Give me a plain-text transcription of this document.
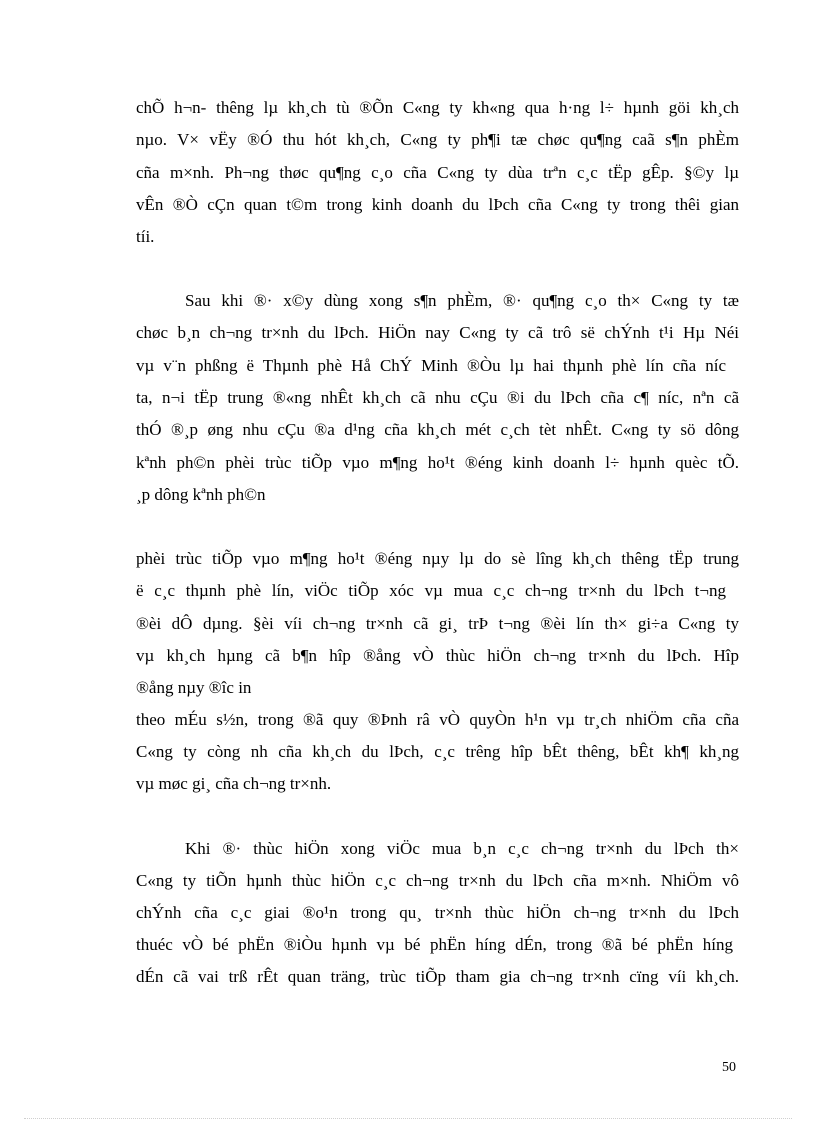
chÕ h¬n- thêng lµ kh¸ch tù ®Õn C«ng ty kh«ng qua h·ng l÷ hµnh göi kh¸ch
nµo. V× vËy ®Ó thu hót kh¸ch, C«ng ty ph¶i tæ chøc qu¶ng caã s¶n phÈm
cña m×nh. Ph¬ng thøc qu¶ng c¸o cña C«ng ty dùa trªn c¸c tËp gÊp. §©y lµ
vÊn ®Ò cÇn quan t©m trong kinh doanh du lÞch cña C«ng ty trong thêi gian
tíi.
Sau khi ®· x©y dùng xong s¶n phÈm, ®· qu¶ng c¸o th× C«ng ty tæ
chøc b¸n ch¬ng tr×nh du lÞch. HiÖn nay C«ng ty cã trô së chÝnh t¹i Hµ Néi
vµ v¨n phßng ë Thµnh phè Hå ChÝ Minh ®Òu lµ hai thµnh phè lín cña níc
ta, n¬i tËp trung ®«ng nhÊt kh¸ch cã nhu cÇu ®i du lÞch cña c¶ níc, nªn cã
thÓ ®¸p øng nhu cÇu ®a d¹ng cña kh¸ch mét c¸ch tèt nhÊt. C«ng ty sö dông
kªnh ph©n phèi trùc tiÕp vµo m¶ng ho¹t ®éng kinh doanh l÷ hµnh quèc tÕ.
¸p dông kªnh ph©n
phèi trùc tiÕp vµo m¶ng ho¹t ®éng nµy lµ do sè lîng kh¸ch thêng tËp trung
ë c¸c thµnh phè lín, viÖc tiÕp xóc vµ mua c¸c ch¬ng tr×nh du lÞch t¬ng
®èi dÔ dµng. §èi víi ch¬ng tr×nh cã gi¸ trÞ t¬ng ®èi lín th× gi÷a C«ng ty
vµ kh¸ch hµng cã b¶n hîp ®ång vÒ thùc hiÖn ch¬ng tr×nh du lÞch. Hîp
®ång nµy ®îc in
theo mÉu s½n, trong ®ã quy ®Þnh râ vÒ quyÒn h¹n vµ tr¸ch nhiÖm cña cña
C«ng ty còng nh cña kh¸ch du lÞch, c¸c trêng hîp bÊt thêng, bÊt kh¶ kh¸ng
vµ møc gi¸ cña ch¬ng tr×nh.
Khi ®· thùc hiÖn xong viÖc mua b¸n c¸c ch¬ng tr×nh du lÞch th×
C«ng ty tiÕn hµnh thùc hiÖn c¸c ch¬ng tr×nh du lÞch cña m×nh. NhiÖm vô
chÝnh cña c¸c giai ®o¹n trong qu¸ tr×nh thùc hiÖn ch¬ng tr×nh du lÞch
thuéc vÒ bé phËn ®iÒu hµnh vµ bé phËn híng dÉn, trong ®ã bé phËn híng
dÉn cã vai trß rÊt quan träng, trùc tiÕp tham gia ch¬ng tr×nh cïng víi kh¸ch.
50
